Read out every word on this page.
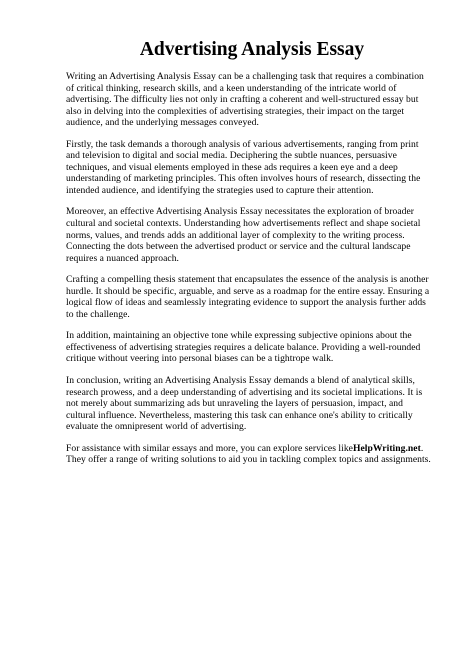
Advertising Analysis Essay

Writing an Advertising Analysis Essay can be a challenging task that requires a combination of critical thinking, research skills, and a keen understanding of the intricate world of advertising. The difficulty lies not only in crafting a coherent and well-structured essay but also in delving into the complexities of advertising strategies, their impact on the target audience, and the underlying messages conveyed.

Firstly, the task demands a thorough analysis of various advertisements, ranging from print and television to digital and social media. Deciphering the subtle nuances, persuasive techniques, and visual elements employed in these ads requires a keen eye and a deep understanding of marketing principles. This often involves hours of research, dissecting the intended audience, and identifying the strategies used to capture their attention.

Moreover, an effective Advertising Analysis Essay necessitates the exploration of broader cultural and societal contexts. Understanding how advertisements reflect and shape societal norms, values, and trends adds an additional layer of complexity to the writing process. Connecting the dots between the advertised product or service and the cultural landscape requires a nuanced approach.

Crafting a compelling thesis statement that encapsulates the essence of the analysis is another hurdle. It should be specific, arguable, and serve as a roadmap for the entire essay. Ensuring a logical flow of ideas and seamlessly integrating evidence to support the analysis further adds to the challenge.

In addition, maintaining an objective tone while expressing subjective opinions about the effectiveness of advertising strategies requires a delicate balance. Providing a well-rounded critique without veering into personal biases can be a tightrope walk.

In conclusion, writing an Advertising Analysis Essay demands a blend of analytical skills, research prowess, and a deep understanding of advertising and its societal implications. It is not merely about summarizing ads but unraveling the layers of persuasion, impact, and cultural influence. Nevertheless, mastering this task can enhance one's ability to critically evaluate the omnipresent world of advertising.

For assistance with similar essays and more, you can explore services likeHelpWriting.net. They offer a range of writing solutions to aid you in tackling complex topics and assignments.
